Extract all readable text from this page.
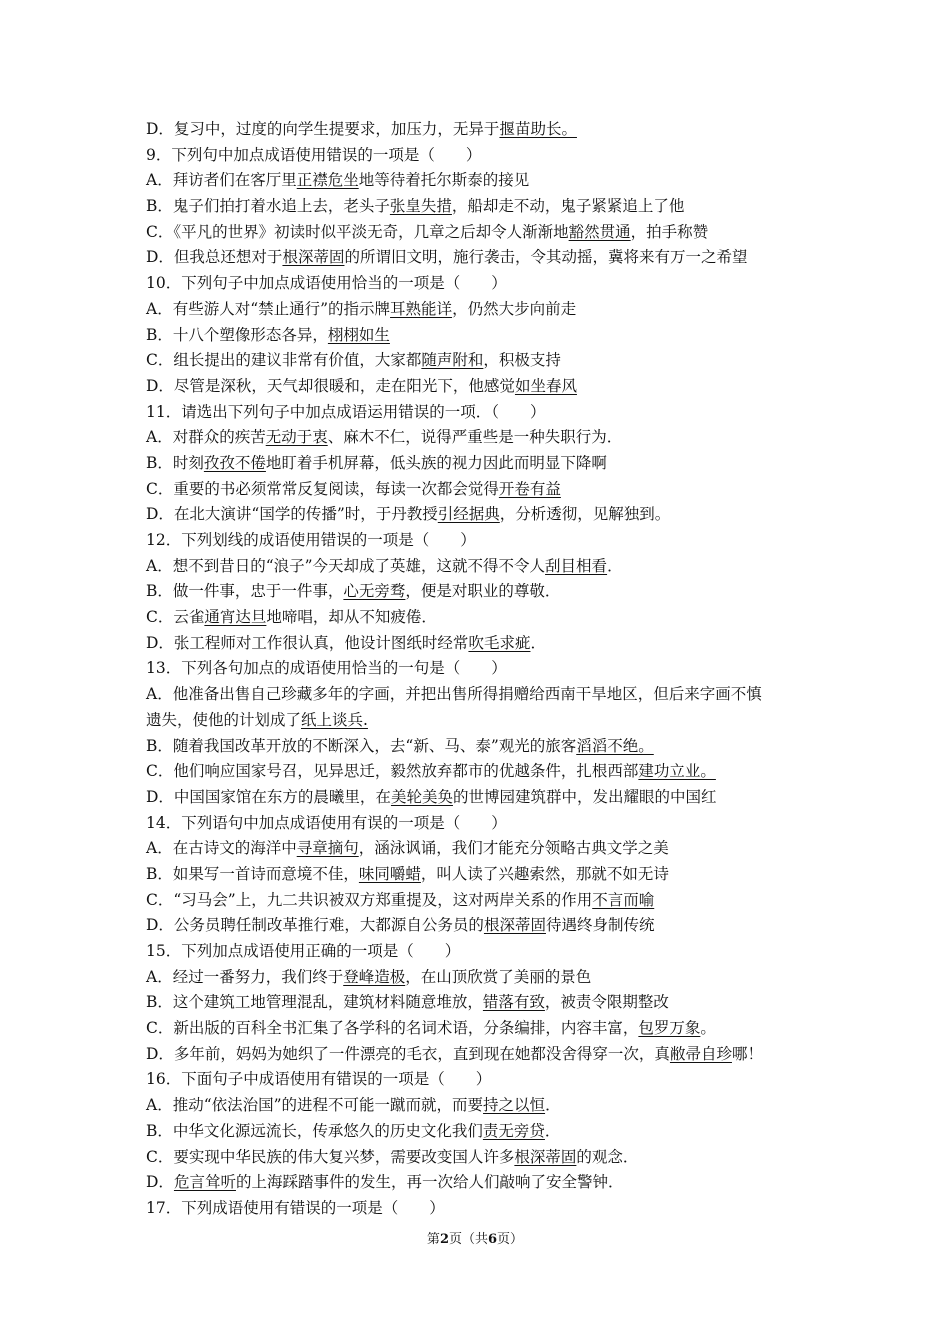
D．复习中，过度的向学生提要求，加压力，无异于揠苗助长。
9．下列句中加点成语使用错误的一项是（　　）
A．拜访者们在客厅里正襟危坐地等待着托尔斯泰的接见
B．鬼子们拍打着水追上去，老头子张皇失措，船却走不动，鬼子紧紧追上了他
C．《平凡的世界》初读时似平淡无奇，几章之后却令人渐渐地豁然贯通，拍手称赞
D．但我总还想对于根深蒂固的所谓旧文明，施行袭击，令其动摇，冀将来有万一之希望
10．下列句子中加点成语使用恰当的一项是（　　）
A．有些游人对“禁止通行”的指示牌耳熟能详，仍然大步向前走
B．十八个塑像形态各异，栩栩如生
C．组长提出的建议非常有价值，大家都随声附和，积极支持
D．尽管是深秋，天气却很暖和，走在阳光下，他感觉如坐春风
11．请选出下列句子中加点成语运用错误的一项．（　　）
A．对群众的疾苦无动于衷、麻木不仁，说得严重些是一种失职行为．
B．时刻孜孜不倦地盯着手机屏幕，低头族的视力因此而明显下降啊
C．重要的书必须常常反复阅读，每读一次都会觉得开卷有益
D．在北大演讲“国学的传播”时，于丹教授引经据典，分析透彻，见解独到。
12．下列划线的成语使用错误的一项是（　　）
A．想不到昔日的“浪子”今天却成了英雄，这就不得不令人刮目相看．
B．做一件事，忠于一件事，心无旁骛，便是对职业的尊敬．
C．云雀通宵达旦地啼唱，却从不知疲倦．
D．张工程师对工作很认真，他设计图纸时经常吹毛求疵．
13．下列各句加点的成语使用恰当的一句是（　　）
A．他准备出售自己珍藏多年的字画，并把出售所得捐赠给西南干旱地区，但后来字画不慎
遗失，使他的计划成了纸上谈兵.
B．随着我国改革开放的不断深入，去“新、马、泰”观光的旅客滔滔不绝。
C．他们响应国家号召，见异思迁，毅然放弃都市的优越条件，扎根西部建功立业。
D．中国国家馆在东方的晨曦里，在美轮美奂的世博园建筑群中，发出耀眼的中国红
14．下列语句中加点成语使用有误的一项是（　　）
A．在古诗文的海洋中寻章摘句，涵泳讽诵，我们才能充分领略古典文学之美
B．如果写一首诗而意境不佳，味同嚼蜡，叫人读了兴趣索然，那就不如无诗
C．“习马会”上，九二共识被双方郑重提及，这对两岸关系的作用不言而喻
D．公务员聘任制改革推行难，大都源自公务员的根深蒂固待遇终身制传统
15．下列加点成语使用正确的一项是（　　）
A．经过一番努力，我们终于登峰造极，在山顶欣赏了美丽的景色
B．这个建筑工地管理混乱，建筑材料随意堆放，错落有致，被责令限期整改
C．新出版的百科全书汇集了各学科的名词术语，分条编排，内容丰富，包罗万象。
D．多年前，妈妈为她织了一件漂亮的毛衣，直到现在她都没舍得穿一次，真敝帚自珍哪！
16．下面句子中成语使用有错误的一项是（　　）
A．推动“依法治国”的进程不可能一蹴而就，而要持之以恒．
B．中华文化源远流长，传承悠久的历史文化我们责无旁贷．
C．要实现中华民族的伟大复兴梦，需要改变国人许多根深蒂固的观念．
D．危言耸听的上海踩踏事件的发生，再一次给人们敲响了安全警钟．
17．下列成语使用有错误的一项是（　　）
第2页（共6页）
